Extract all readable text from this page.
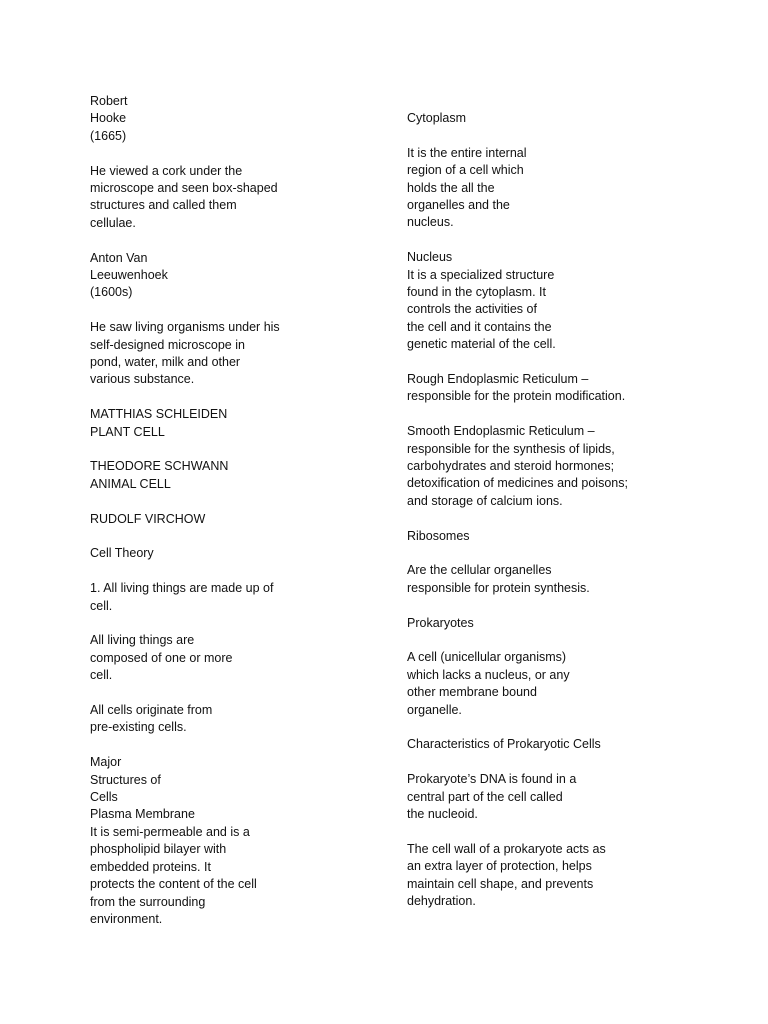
Robert
Hooke
(1665)
He viewed a cork under the
microscope and seen box-shaped
structures and called them
cellulae.
Anton Van
Leeuwenhoek
(1600s)
He saw living organisms under his
self-designed microscope in
pond, water, milk and other
various substance.
MATTHIAS SCHLEIDEN
PLANT CELL
THEODORE SCHWANN
ANIMAL CELL
RUDOLF VIRCHOW
Cell Theory
1. All living things are made up of
cell.
All living things are
composed of one or more
cell.
All cells originate from
pre-existing cells.
Major
Structures of
Cells
Plasma Membrane
It is semi-permeable and is a
phospholipid bilayer with
embedded proteins. It
protects the content of the cell
from the surrounding
environment.
Cytoplasm
It is the entire internal
region of a cell which
holds the all the
organelles and the
nucleus.
Nucleus
It is a specialized structure
found in the cytoplasm. It
controls the activities of
the cell and it contains the
genetic material of the cell.
Rough Endoplasmic Reticulum –
responsible for the protein modification.
Smooth Endoplasmic Reticulum –
responsible for the synthesis of lipids,
carbohydrates and steroid hormones;
detoxification of medicines and poisons;
and storage of calcium ions.
Ribosomes
Are the cellular organelles
responsible for protein synthesis.
Prokaryotes
A cell (unicellular organisms)
which lacks a nucleus, or any
other membrane bound
organelle.
Characteristics of Prokaryotic Cells
Prokaryote’s DNA is found in a
central part of the cell called
the nucleoid.
The cell wall of a prokaryote acts as
an extra layer of protection, helps
maintain cell shape, and prevents
dehydration.
